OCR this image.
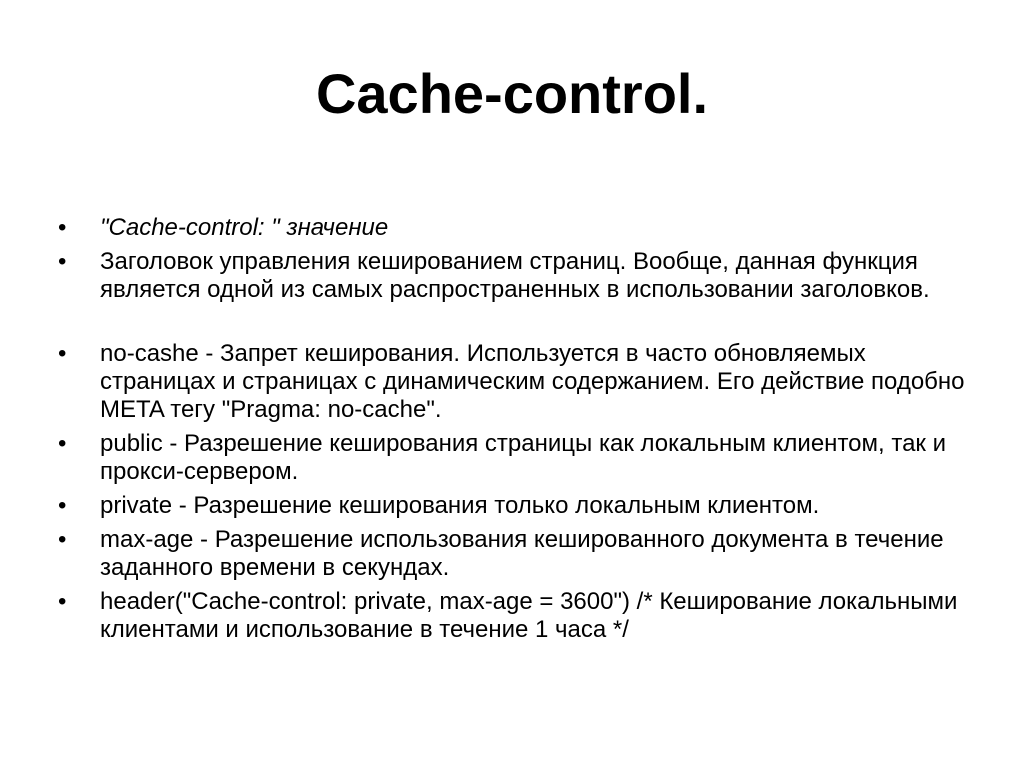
Cache-control.
•	"Cache-control: " значение
•	Заголовок управления кешированием страниц. Вообще, данная функция является одной из самых распространенных в использовании заголовков.
•	no-cashe - Запрет кеширования. Используется в часто обновляемых страницах и страницах с динамическим содержанием. Его действие подобно META тегу "Pragma: no-cache".
•	public - Разрешение кеширования страницы как локальным клиентом, так и прокси-сервером.
•	private - Разрешение кеширования только локальным клиентом.
•	max-age - Разрешение использования кешированного документа в течение заданного времени в секундах.
•	header("Cache-control: private, max-age = 3600") /* Кеширование локальными клиентами и использование в течение 1 часа */
